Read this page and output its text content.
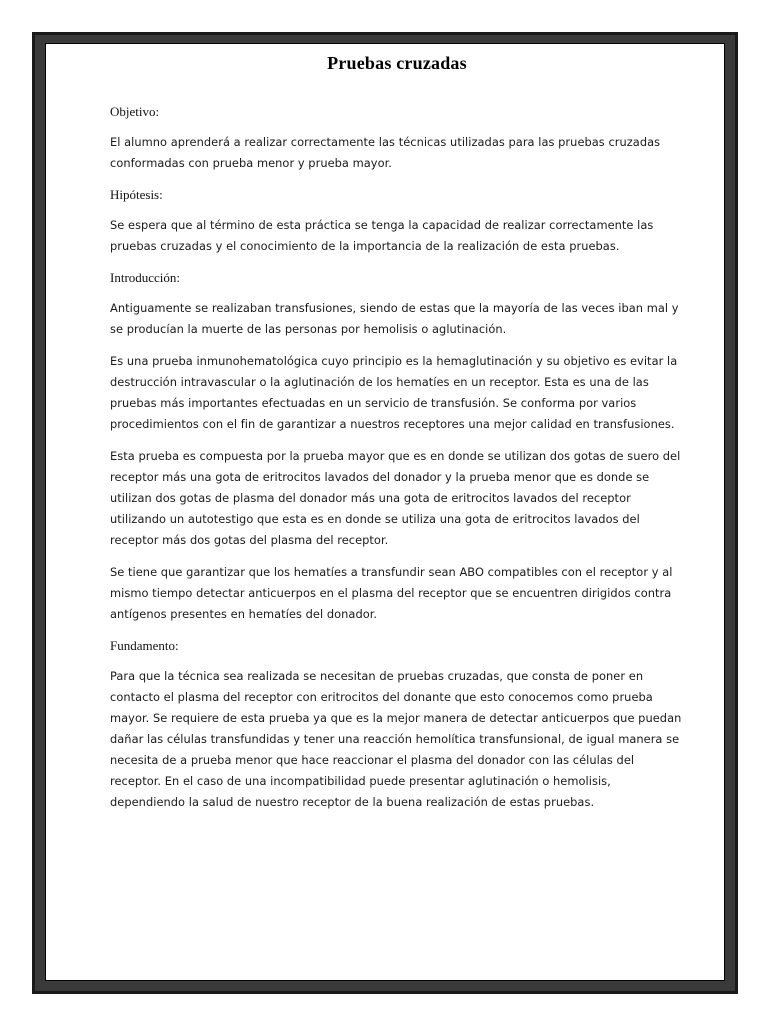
Pruebas cruzadas

Objetivo:

El alumno aprenderá a realizar correctamente las técnicas utilizadas para las pruebas cruzadas conformadas con prueba menor y prueba mayor.

Hipótesis:

Se espera que al término de esta práctica se tenga la capacidad de realizar correctamente las pruebas cruzadas y el conocimiento de la importancia de la realización de esta pruebas.

Introducción:

Antiguamente se realizaban transfusiones, siendo de estas que la mayoría de las veces iban mal y se producían la muerte de las personas por hemolisis o aglutinación.

Es una prueba inmunohematológica cuyo principio es la hemaglutinación y su objetivo es evitar la destrucción intravascular o la aglutinación de los hematíes en un receptor. Esta es una de las pruebas más importantes efectuadas en un servicio de transfusión. Se conforma por varios procedimientos con el fin de garantizar a nuestros receptores una mejor calidad en transfusiones.

Esta prueba es compuesta por la prueba mayor que es en donde se utilizan dos gotas de suero del receptor más una gota de eritrocitos lavados del donador y la prueba menor que es donde se utilizan dos gotas de plasma del donador más una gota de eritrocitos lavados del receptor utilizando un autotestigo que esta es en donde se utiliza una gota de eritrocitos lavados del receptor más dos gotas del plasma del receptor.

Se tiene que garantizar que los hematíes a transfundir sean ABO compatibles con el receptor y al mismo tiempo detectar anticuerpos en el plasma del receptor que se encuentren dirigidos contra antígenos presentes en hematíes del donador.

Fundamento:

Para que la técnica sea realizada se necesitan de pruebas cruzadas, que consta de poner en contacto el plasma del receptor con eritrocitos del donante que esto conocemos como prueba mayor. Se requiere de esta prueba ya que es la mejor manera de detectar anticuerpos que puedan dañar las células transfundidas y tener una reacción hemolítica transfunsional, de igual manera se necesita de a prueba menor que hace reaccionar el plasma del donador con las células del receptor. En el caso de una incompatibilidad puede presentar aglutinación o hemolisis, dependiendo la salud de nuestro receptor de la buena realización de estas pruebas.
